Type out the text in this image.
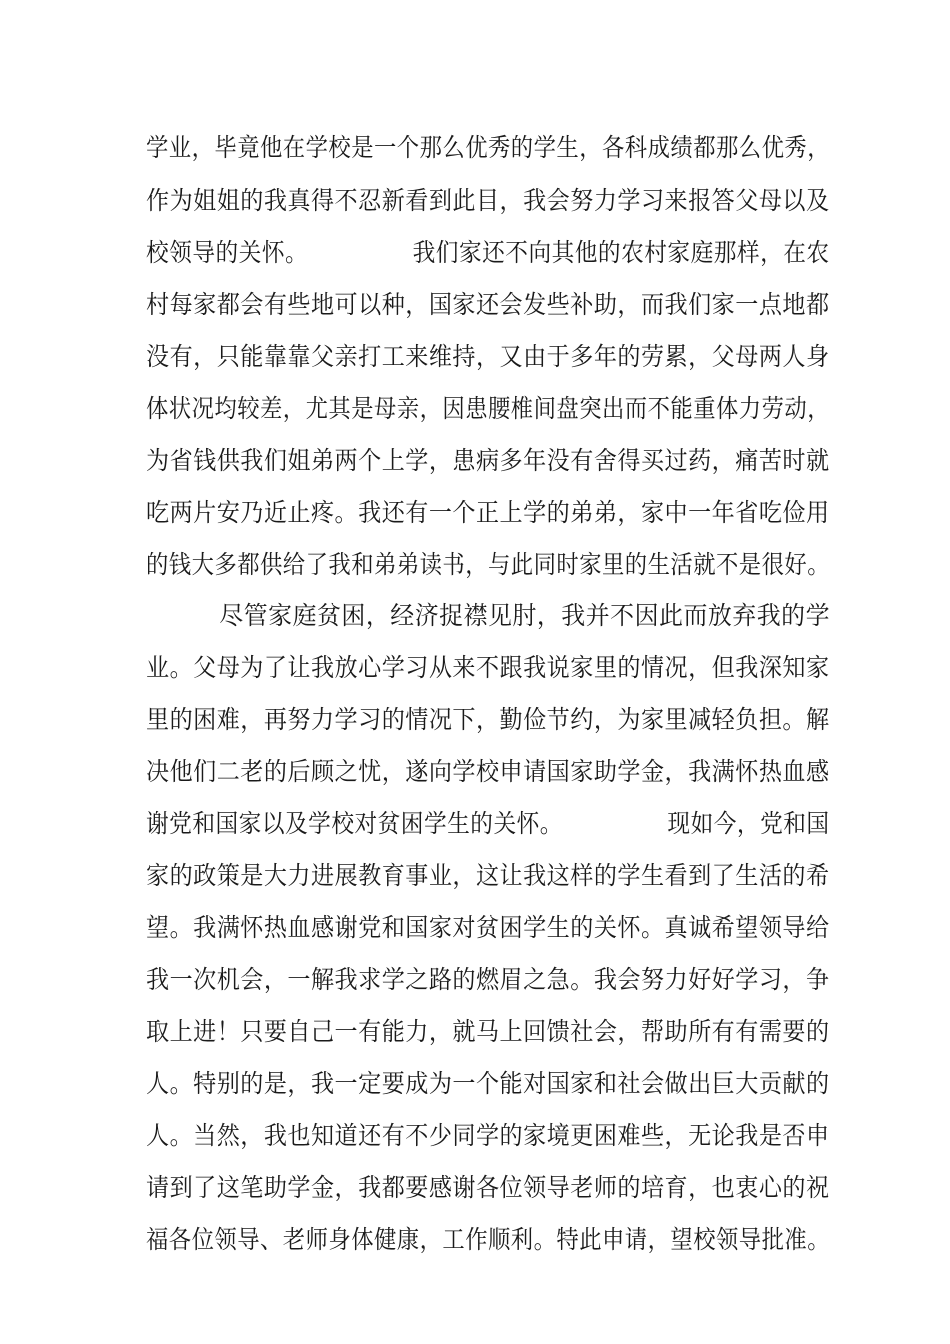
学业，毕竟他在学校是一个那么优秀的学生，各科成绩都那么优秀，
作为姐姐的我真得不忍新看到此目，我会努力学习来报答父母以及
校领导的关怀。　　　　　我们家还不向其他的农村家庭那样，在农
村每家都会有些地可以种，国家还会发些补助，而我们家一点地都
没有，只能靠靠父亲打工来维持，又由于多年的劳累，父母两人身
体状况均较差，尤其是母亲，因患腰椎间盘突出而不能重体力劳动，
为省钱供我们姐弟两个上学，患病多年没有舍得买过药，痛苦时就
吃两片安乃近止疼。我还有一个正上学的弟弟，家中一年省吃俭用
的钱大多都供给了我和弟弟读书，与此同时家里的生活就不是很好。
　　　尽管家庭贫困，经济捉襟见肘，我并不因此而放弃我的学
业。父母为了让我放心学习从来不跟我说家里的情况，但我深知家
里的困难，再努力学习的情况下，勤俭节约，为家里减轻负担。解
决他们二老的后顾之忧，遂向学校申请国家助学金，我满怀热血感
谢党和国家以及学校对贫困学生的关怀。　　　　　现如今，党和国
家的政策是大力进展教育事业，这让我这样的学生看到了生活的希
望。我满怀热血感谢党和国家对贫困学生的关怀。真诚希望领导给
我一次机会，一解我求学之路的燃眉之急。我会努力好好学习，争
取上进！只要自己一有能力，就马上回馈社会，帮助所有有需要的
人。特别的是，我一定要成为一个能对国家和社会做出巨大贡献的
人。当然，我也知道还有不少同学的家境更困难些，无论我是否申
请到了这笔助学金，我都要感谢各位领导老师的培育，也衷心的祝
福各位领导、老师身体健康，工作顺利。特此申请，望校领导批准。
